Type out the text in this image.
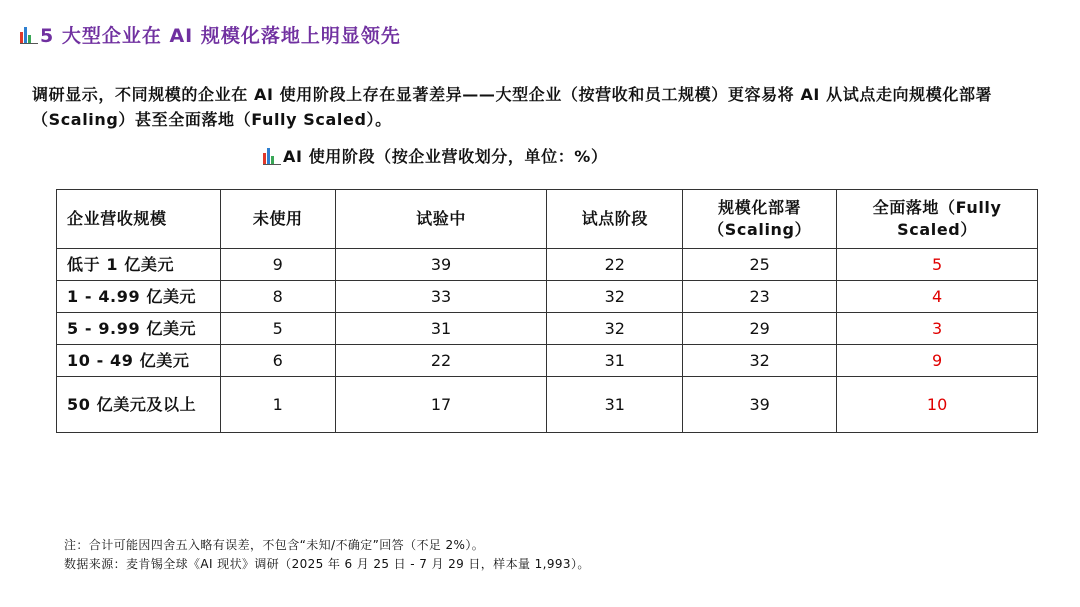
5 大型企业在 AI 规模化落地上明显领先
调研显示，不同规模的企业在 AI 使用阶段上存在显著差异——大型企业（按营收和员工规模）更容易将 AI 从试点走向规模化部署（Scaling）甚至全面落地（Fully Scaled）。
AI 使用阶段（按企业营收划分，单位：%）
企业营收规模	未使用	试验中	试点阶段	规模化部署（Scaling）	全面落地（Fully Scaled）
低于 1 亿美元	9	39	22	25	5
1 - 4.99 亿美元	8	33	32	23	4
5 - 9.99 亿美元	5	31	32	29	3
10 - 49 亿美元	6	22	31	32	9
50 亿美元及以上	1	17	31	39	10
注：合计可能因四舍五入略有误差，不包含“未知/不确定”回答（不足 2%）。
数据来源：麦肯锡全球《AI 现状》调研（2025 年 6 月 25 日 - 7 月 29 日，样本量 1,993）。
